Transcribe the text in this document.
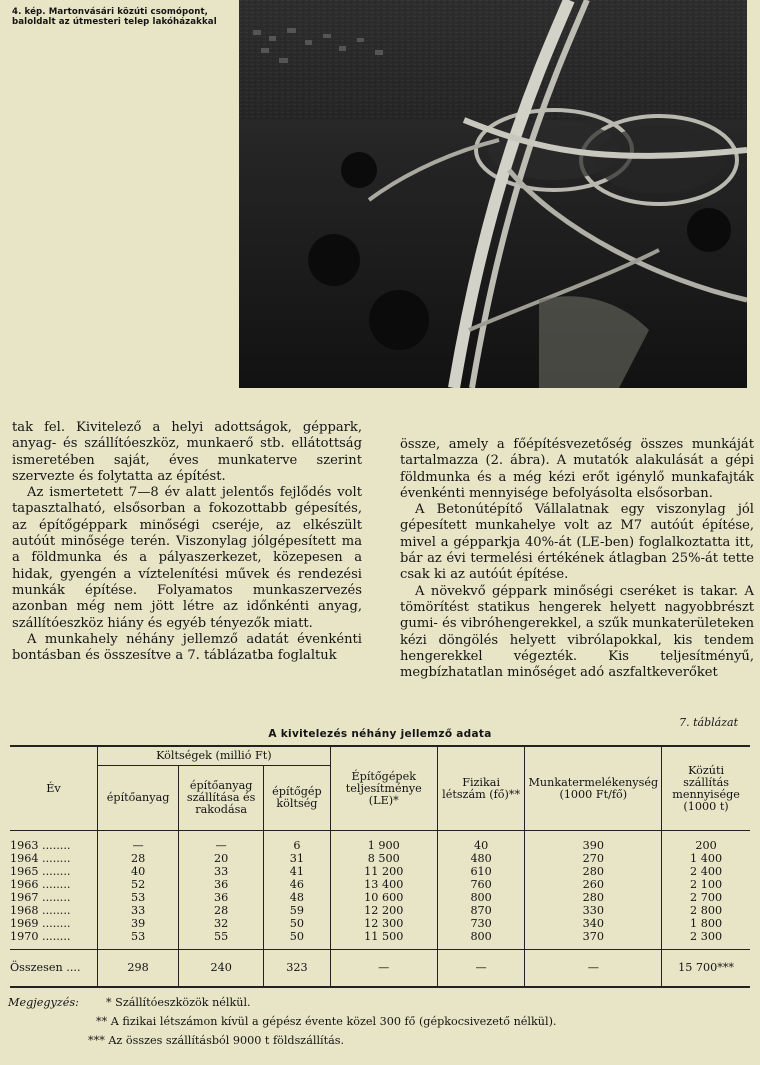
4. kép. Martonvásári közúti csomópont, baloldalt az útmesteri telep lakóházakkal

tak fel. Kivitelező a helyi adottságok, géppark, anyag- és szállítóeszköz, munkaerő stb. ellátottság ismeretében saját, éves munkaterve szerint szervezte és folytatta az építést.

Az ismertetett 7—8 év alatt jelentős fejlődés volt tapasztalható, elsősorban a fokozottabb gépesítés, az építőgéppark minőségi cseréje, az elkészült autóút minősége terén. Viszonylag jólgépesített ma a földmunka és a pályaszerkezet, közepesen a hidak, gyengén a víztelenítési művek és rendezési munkák építése. Folyamatos munkaszervezés azonban még nem jött létre az időnkénti anyag, szállítóeszköz hiány és egyéb tényezők miatt.

A munkahely néhány jellemző adatát évenkénti bontásban és összesítve a 7. táblázatba foglaltuk

össze, amely a főépítésvezetőség összes munkáját tartalmazza (2. ábra). A mutatók alakulását a gépi földmunka és a még kézi erőt igénylő munkafajták évenkénti mennyisége befolyásolta elsősorban.

A Betonútépítő Vállalatnak egy viszonylag jól gépesített munkahelye volt az M7 autóút építése, mivel a gépparkja 40%-át (LE-ben) foglalkoztatta itt, bár az évi termelési értékének átlagban 25%-át tette csak ki az autóút építése.

A növekvő géppark minőségi cseréket is takar. A tömörítést statikus hengerek helyett nagyobbrészt gumi- és vibróhengerekkel, a szűk munkaterületeken kézi döngölés helyett vibrólapokkal, kis tendem hengerekkel végezték. Kis teljesítményű, megbízhatatlan minőséget adó aszfaltkeverőket

7. táblázat
A kivitelezés néhány jellemző adata
Év	Költségek (millió Ft)			Építőgépek teljesítménye (LE)*	Fizikai létszám (fő)**	Munkatermelékenység (1000 Ft/fő)	Közúti szállítás mennyisége (1000 t)
	építőanyag	építőanyag szállítása és rakodása	építőgép költség				
1963 ........	—	—	6	1 900	40	390	200
1964 ........	28	20	31	8 500	480	270	1 400
1965 ........	40	33	41	11 200	610	280	2 400
1966 ........	52	36	46	13 400	760	260	2 100
1967 ........	53	36	48	10 600	800	280	2 700
1968 ........	33	28	59	12 200	870	330	2 800
1969 ........	39	32	50	12 300	730	340	1 800
1970 ........	53	55	50	11 500	800	370	2 300
Összesen ....	298	240	323	—	—	—	15 700***
Megjegyzés: * Szállítóeszközök nélkül.
** A fizikai létszámon kívül a gépész évente közel 300 fő (gépkocsivezető nélkül).
*** Az összes szállításból 9000 t földszállítás.
